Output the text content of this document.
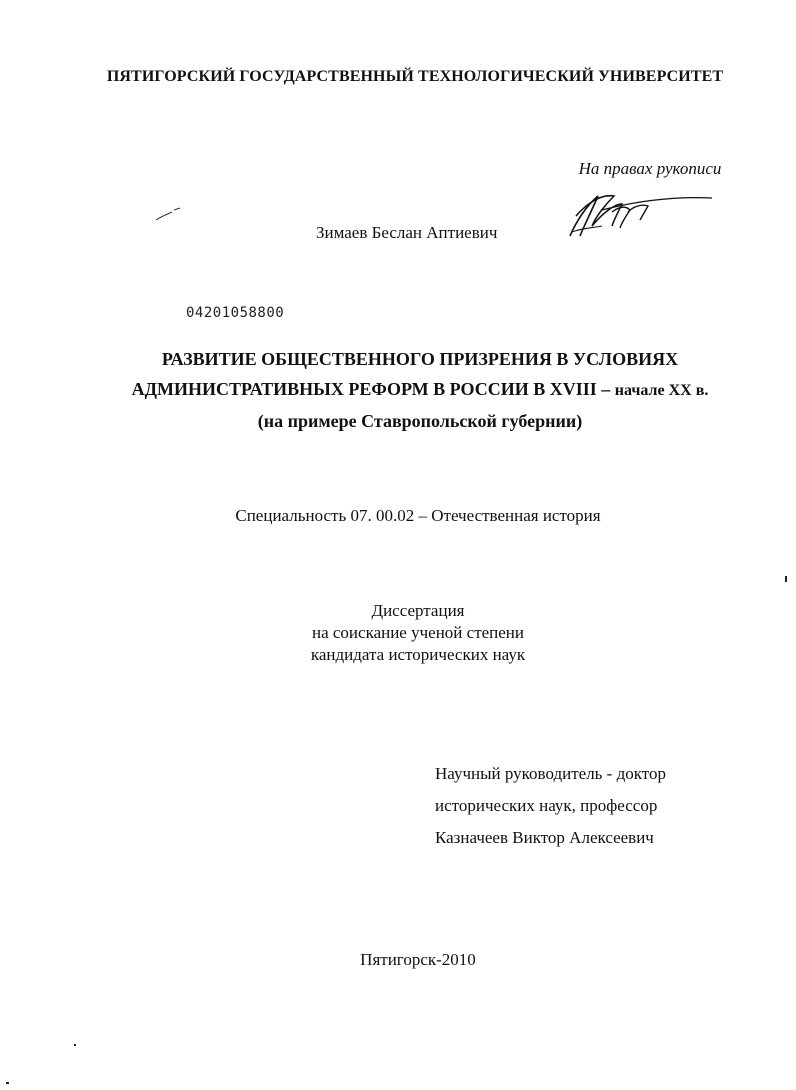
ПЯТИГОРСКИЙ ГОСУДАРСТВЕННЫЙ ТЕХНОЛОГИЧЕСКИЙ УНИВЕРСИТЕТ

На правах рукописи

Зимаев Беслан Аптиевич

04201058800

РАЗВИТИЕ ОБЩЕСТВЕННОГО ПРИЗРЕНИЯ В УСЛОВИЯХ
АДМИНИСТРАТИВНЫХ РЕФОРМ В РОССИИ В XVIII – начале XX в.
(на примере Ставропольской губернии)

Специальность 07. 00.02 – Отечественная история

Диссертация
на соискание ученой степени
кандидата исторических наук
Научный руководитель - доктор
исторических наук, профессор
Казначеев Виктор Алексеевич

Пятигорск-2010
